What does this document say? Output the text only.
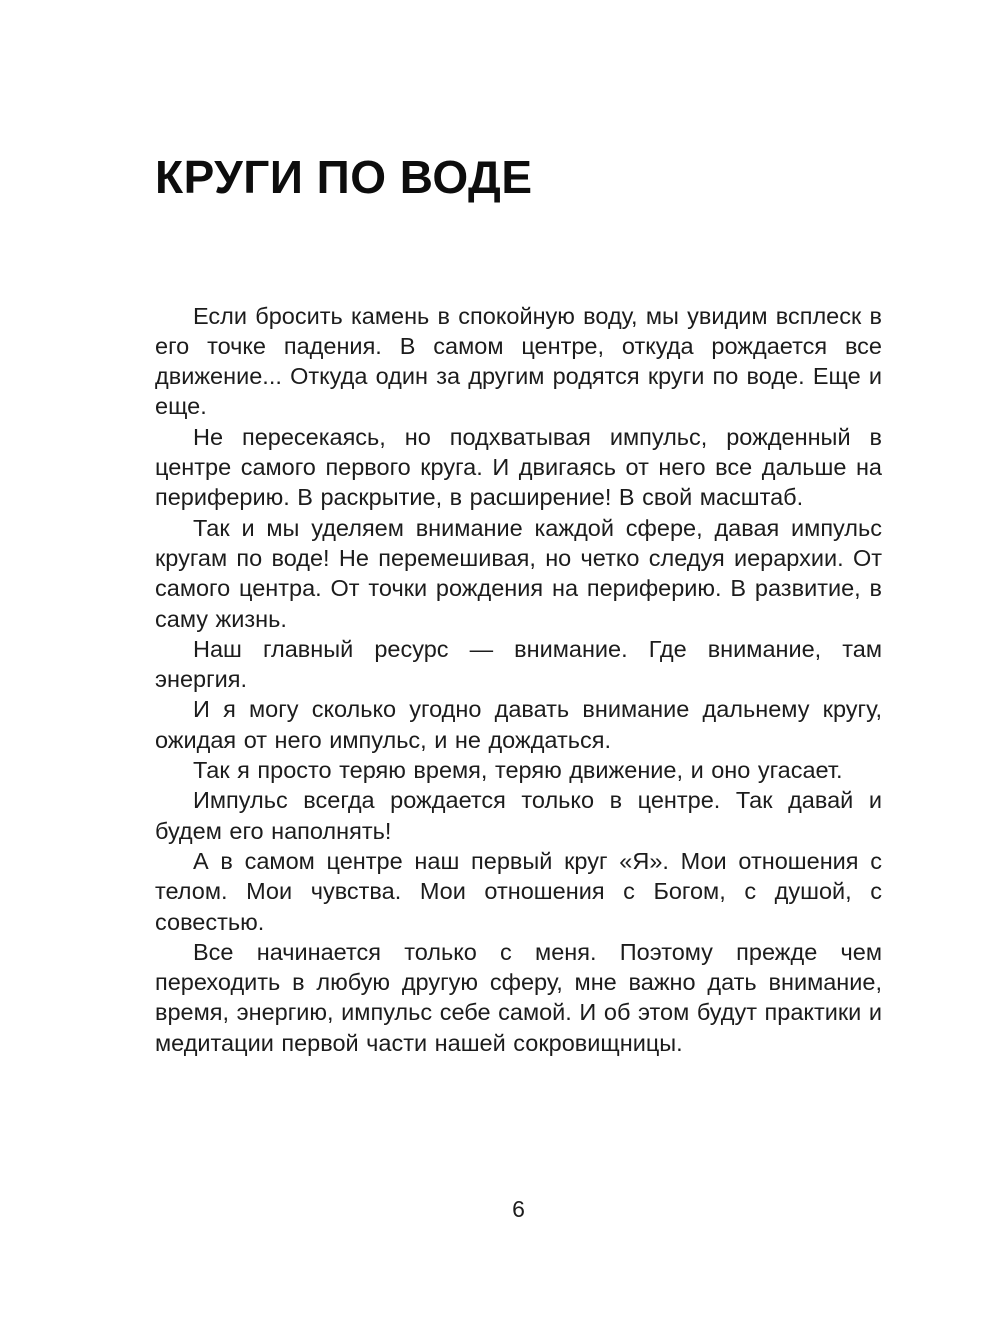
КРУГИ ПО ВОДЕ

Если бросить камень в спокойную воду, мы увидим всплеск в его точке падения. В самом центре, откуда рождается все движение... Откуда один за другим родятся круги по воде. Еще и еще.

Не пересекаясь, но подхватывая импульс, рожденный в центре самого первого круга. И двигаясь от него все дальше на периферию. В раскрытие, в расширение! В свой масштаб.

Так и мы уделяем внимание каждой сфере, давая импульс кругам по воде! Не перемешивая, но четко следуя иерархии. От самого центра. От точки рождения на периферию. В развитие, в саму жизнь.

Наш главный ресурс — внимание. Где внимание, там энергия.

И я могу сколько угодно давать внимание дальнему кругу, ожидая от него импульс, и не дождаться.

Так я просто теряю время, теряю движение, и оно угасает.

Импульс всегда рождается только в центре. Так давай и будем его наполнять!

А в самом центре наш первый круг «Я». Мои отношения с телом. Мои чувства. Мои отношения с Богом, с душой, с совестью.

Все начинается только с меня. Поэтому прежде чем переходить в любую другую сферу, мне важно дать внимание, время, энергию, импульс себе самой. И об этом будут практики и медитации первой части нашей сокровищницы.

6
